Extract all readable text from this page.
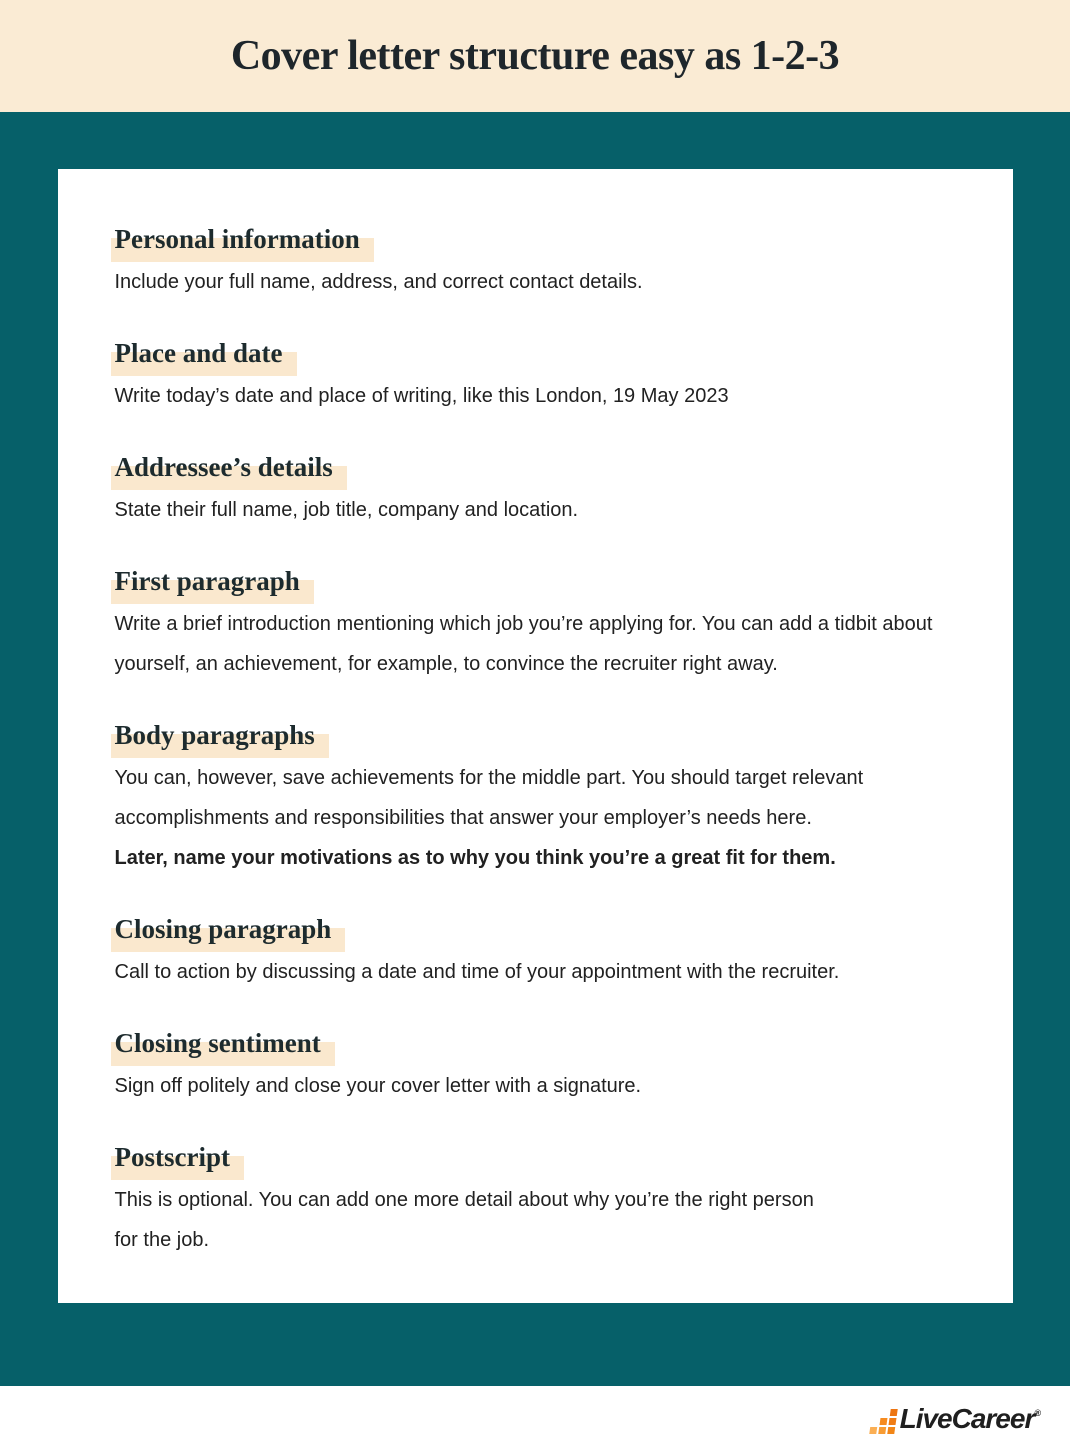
Cover letter structure easy as 1-2-3
Personal information

Include your full name, address, and correct contact details.

Place and date

Write today’s date and place of writing, like this London, 19 May 2023

Addressee’s details

State their full name, job title, company and location.

First paragraph

Write a brief introduction mentioning which job you’re applying for. You can add a tidbit about yourself, an achievement, for example, to convince the recruiter right away.

Body paragraphs

You can, however, save achievements for the middle part. You should target relevant accomplishments and responsibilities that answer your employer’s needs here.

Later, name your motivations as to why you think you’re a great fit for them.

Closing paragraph

Call to action by discussing a date and time of your appointment with the recruiter.

Closing sentiment

Sign off politely and close your cover letter with a signature.

Postscript

This is optional. You can add one more detail about why you’re the right person

for the job.

LiveCareer®
